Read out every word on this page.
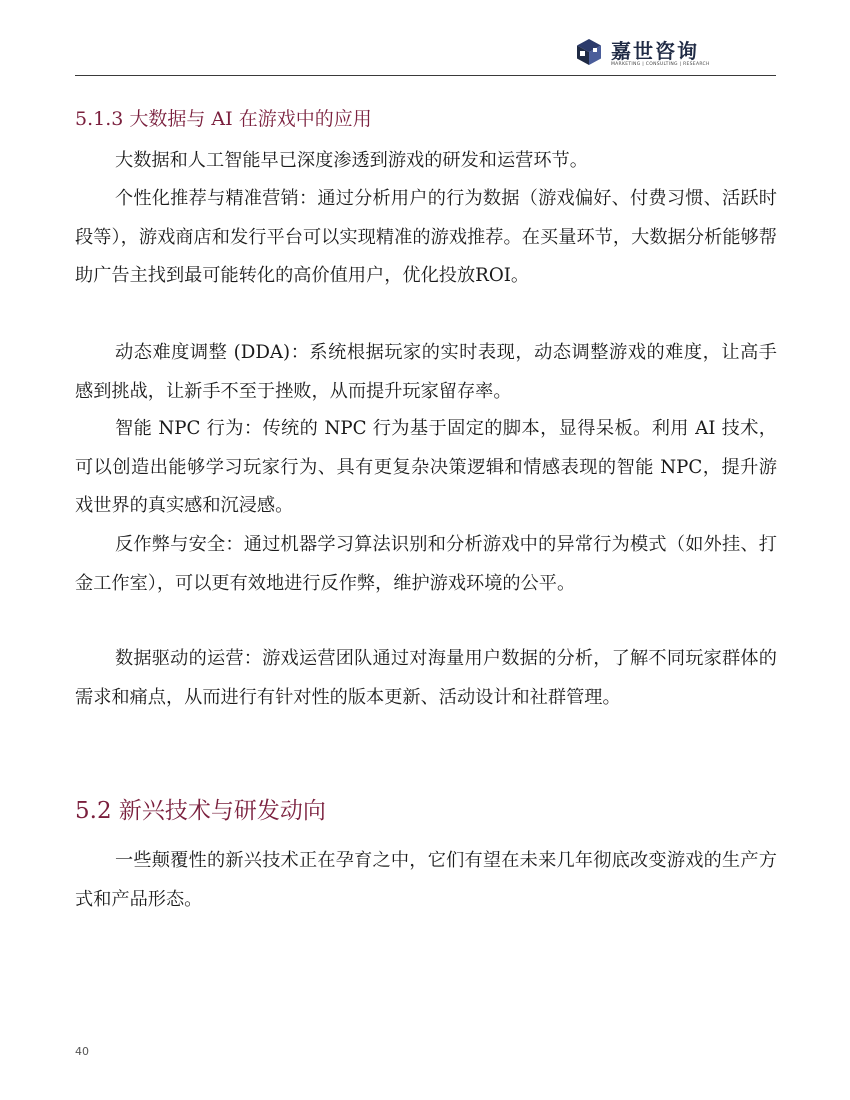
嘉世咨询
MARKETING | CONSULTING | RESEARCH
5.1.3 大数据与 AI 在游戏中的应用

大数据和人工智能早已深度渗透到游戏的研发和运营环节。

个性化推荐与精准营销：通过分析用户的行为数据（游戏偏好、付费习惯、活跃时段等），游戏商店和发行平台可以实现精准的游戏推荐。在买量环节，大数据分析能够帮助广告主找到最可能转化的高价值用户，优化投放ROI。

动态难度调整 (DDA)：系统根据玩家的实时表现，动态调整游戏的难度，让高手感到挑战，让新手不至于挫败，从而提升玩家留存率。

智能 NPC 行为：传统的 NPC 行为基于固定的脚本，显得呆板。利用 AI 技术，可以创造出能够学习玩家行为、具有更复杂决策逻辑和情感表现的智能 NPC，提升游戏世界的真实感和沉浸感。

反作弊与安全：通过机器学习算法识别和分析游戏中的异常行为模式（如外挂、打金工作室），可以更有效地进行反作弊，维护游戏环境的公平。

数据驱动的运营：游戏运营团队通过对海量用户数据的分析，了解不同玩家群体的需求和痛点，从而进行有针对性的版本更新、活动设计和社群管理。

5.2 新兴技术与研发动向

一些颠覆性的新兴技术正在孕育之中，它们有望在未来几年彻底改变游戏的生产方式和产品形态。

40
